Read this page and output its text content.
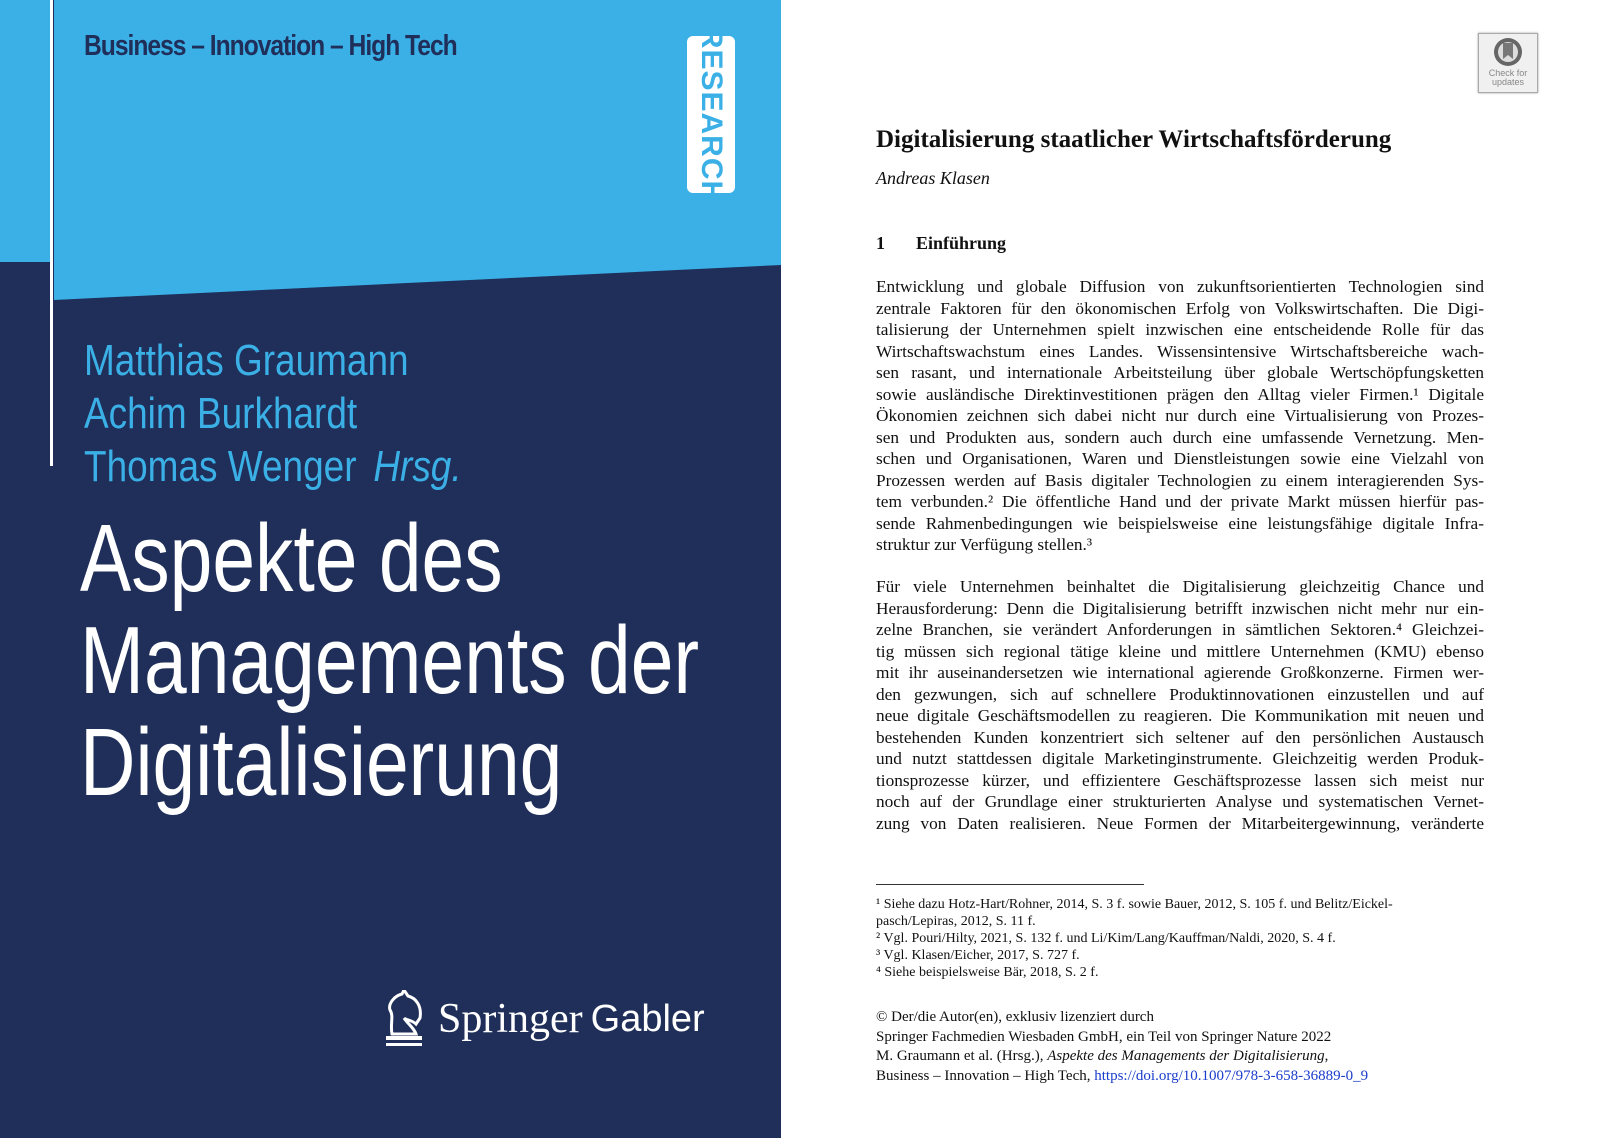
Business – Innovation – High Tech	RESEARCH
Matthias Graumann
Achim Burkhardt
Thomas Wenger Hrsg.
Aspekte des
Managements der
Digitalisierung
Springer Gabler
Check for
updates
Digitalisierung staatlicher Wirtschaftsförderung
Andreas Klasen
1 Einführung
Entwicklung und globale Diffusion von zukunftsorientierten Technologien sind
zentrale Faktoren für den ökonomischen Erfolg von Volkswirtschaften. Die Digi-
talisierung der Unternehmen spielt inzwischen eine entscheidende Rolle für das
Wirtschaftswachstum eines Landes. Wissensintensive Wirtschaftsbereiche wach-
sen rasant, und internationale Arbeitsteilung über globale Wertschöpfungsketten
sowie ausländische Direktinvestitionen prägen den Alltag vieler Firmen.¹ Digitale
Ökonomien zeichnen sich dabei nicht nur durch eine Virtualisierung von Prozes-
sen und Produkten aus, sondern auch durch eine umfassende Vernetzung. Men-
schen und Organisationen, Waren und Dienstleistungen sowie eine Vielzahl von
Prozessen werden auf Basis digitaler Technologien zu einem interagierenden Sys-
tem verbunden.² Die öffentliche Hand und der private Markt müssen hierfür pas-
sende Rahmenbedingungen wie beispielsweise eine leistungsfähige digitale Infra-
struktur zur Verfügung stellen.³
Für viele Unternehmen beinhaltet die Digitalisierung gleichzeitig Chance und
Herausforderung: Denn die Digitalisierung betrifft inzwischen nicht mehr nur ein-
zelne Branchen, sie verändert Anforderungen in sämtlichen Sektoren.⁴ Gleichzei-
tig müssen sich regional tätige kleine und mittlere Unternehmen (KMU) ebenso
mit ihr auseinandersetzen wie international agierende Großkonzerne. Firmen wer-
den gezwungen, sich auf schnellere Produktinnovationen einzustellen und auf
neue digitale Geschäftsmodellen zu reagieren. Die Kommunikation mit neuen und
bestehenden Kunden konzentriert sich seltener auf den persönlichen Austausch
und nutzt stattdessen digitale Marketinginstrumente. Gleichzeitig werden Produk-
tionsprozesse kürzer, und effizientere Geschäftsprozesse lassen sich meist nur
noch auf der Grundlage einer strukturierten Analyse und systematischen Vernet-
zung von Daten realisieren. Neue Formen der Mitarbeitergewinnung, veränderte
¹ Siehe dazu Hotz-Hart/Rohner, 2014, S. 3 f. sowie Bauer, 2012, S. 105 f. und Belitz/Eickel-
pasch/Lepiras, 2012, S. 11 f.
² Vgl. Pouri/Hilty, 2021, S. 132 f. und Li/Kim/Lang/Kauffman/Naldi, 2020, S. 4 f.
³ Vgl. Klasen/Eicher, 2017, S. 727 f.
⁴ Siehe beispielsweise Bär, 2018, S. 2 f.
© Der/die Autor(en), exklusiv lizenziert durch
Springer Fachmedien Wiesbaden GmbH, ein Teil von Springer Nature 2022
M. Graumann et al. (Hrsg.), Aspekte des Managements der Digitalisierung,
Business – Innovation – High Tech, https://doi.org/10.1007/978-3-658-36889-0_9
